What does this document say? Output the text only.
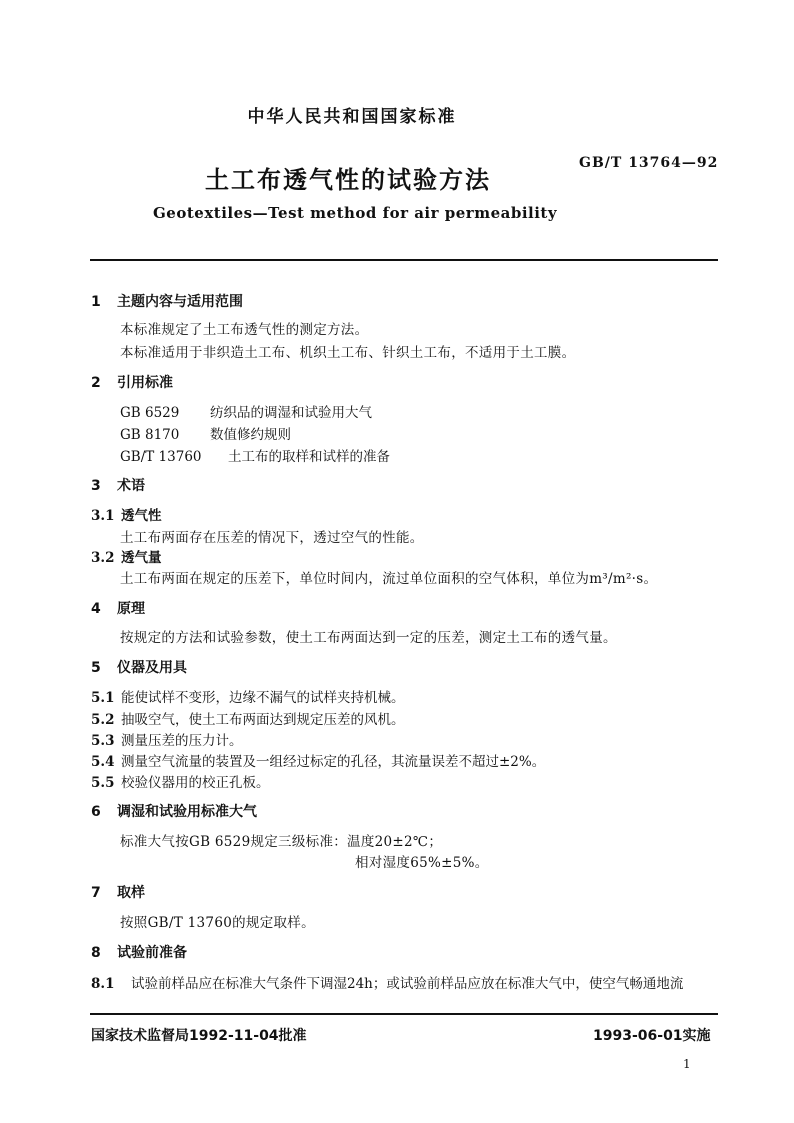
中华人民共和国国家标准
土工布透气性的试验方法
GB/T 13764—92
Geotextiles—Test method for air permeability
1 主题内容与适用范围
本标准规定了土工布透气性的测定方法。
本标准适用于非织造土工布、机织土工布、针织土工布，不适用于土工膜。
2 引用标准
GB 6529 纺织品的调湿和试验用大气
GB 8170 数值修约规则
GB/T 13760 土工布的取样和试样的准备
3 术语
3.1 透气性
土工布两面存在压差的情况下，透过空气的性能。
3.2 透气量
土工布两面在规定的压差下，单位时间内，流过单位面积的空气体积，单位为m³/m²·s。
4 原理
按规定的方法和试验参数，使土工布两面达到一定的压差，测定土工布的透气量。
5 仪器及用具
5.1 能使试样不变形，边缘不漏气的试样夹持机械。
5.2 抽吸空气，使土工布两面达到规定压差的风机。
5.3 测量压差的压力计。
5.4 测量空气流量的装置及一组经过标定的孔径，其流量误差不超过±2%。
5.5 校验仪器用的校正孔板。
6 调湿和试验用标准大气
标准大气按GB 6529规定三级标准：温度20±2℃；
相对湿度65%±5%。
7 取样
按照GB/T 13760的规定取样。
8 试验前准备
8.1 试验前样品应在标准大气条件下调湿24h；或试验前样品应放在标准大气中，使空气畅通地流
国家技术监督局1992-11-04批准	1993-06-01实施
1
